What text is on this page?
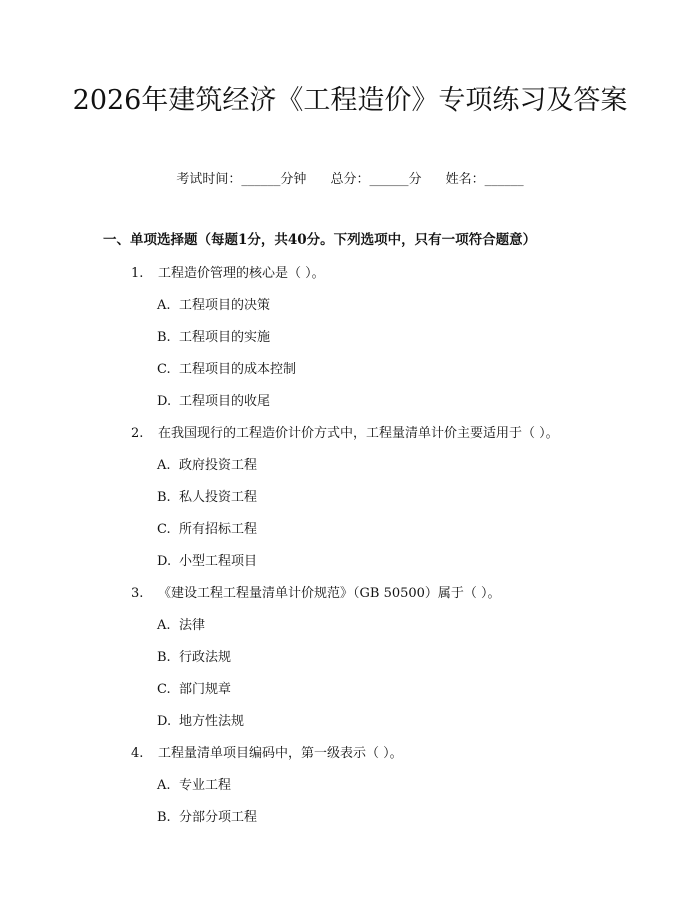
2026年建筑经济《工程造价》专项练习及答案
考试时间：______分钟 总分：______分 姓名：______
一、单项选择题（每题1分，共40分。下列选项中，只有一项符合题意）
1. 工程造价管理的核心是（ ）。
A. 工程项目的决策
B. 工程项目的实施
C. 工程项目的成本控制
D. 工程项目的收尾
2. 在我国现行的工程造价计价方式中，工程量清单计价主要适用于（ ）。
A. 政府投资工程
B. 私人投资工程
C. 所有招标工程
D. 小型工程项目
3. 《建设工程工程量清单计价规范》（GB 50500）属于（ ）。
A. 法律
B. 行政法规
C. 部门规章
D. 地方性法规
4. 工程量清单项目编码中，第一级表示（ ）。
A. 专业工程
B. 分部分项工程
